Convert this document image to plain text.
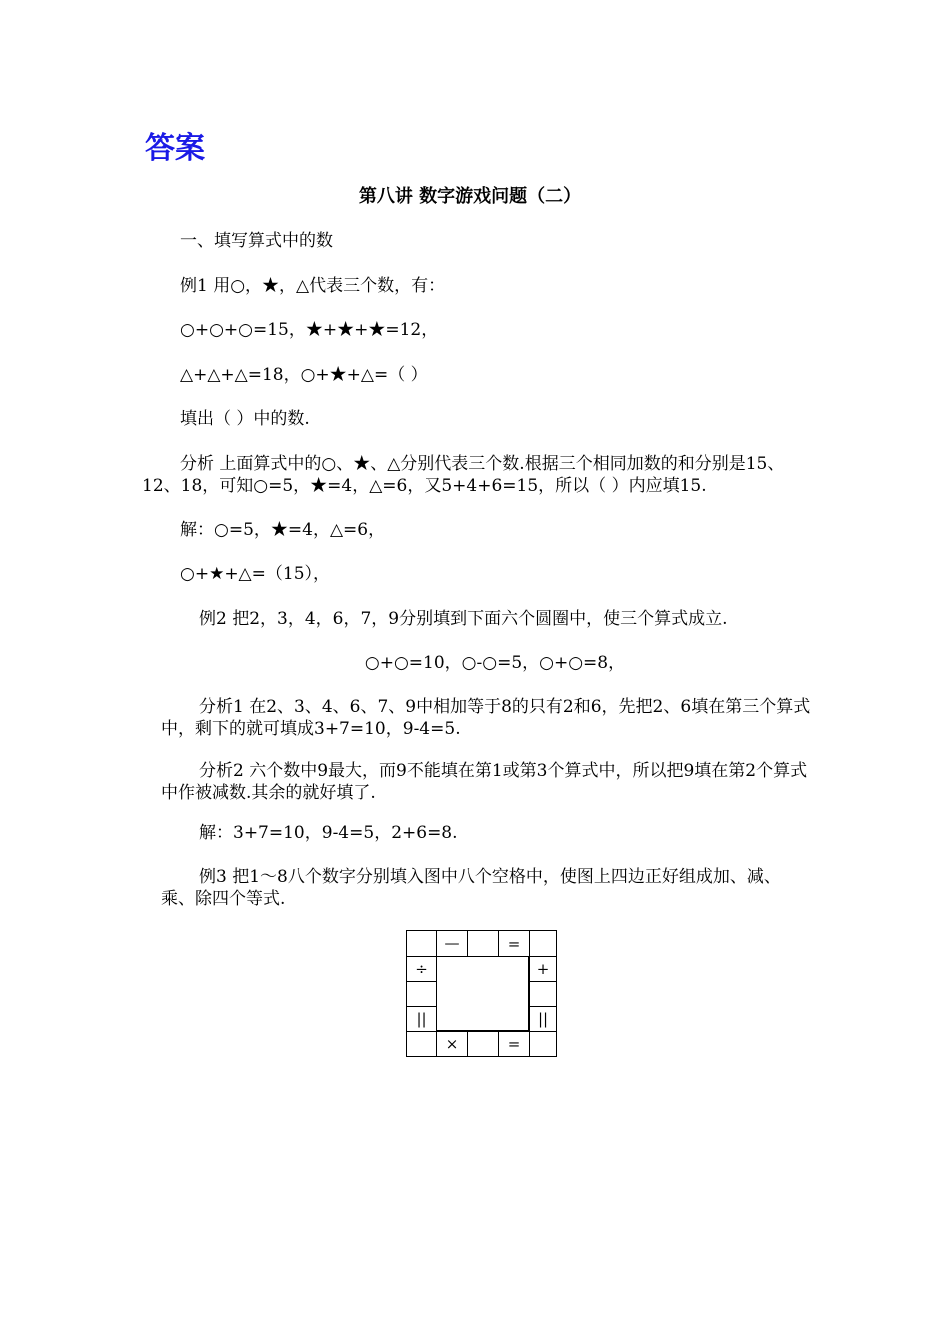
答案
第八讲 数字游戏问题（二）
一、填写算式中的数
例1 用○，★，△代表三个数，有：
○+○+○=15，★+★+★=12，
△+△+△=18，○+★+△=（ ）
填出（ ）中的数.
分析 上面算式中的○、★、△分别代表三个数.根据三个相同加数的和分别是15、12、18，可知○=5，★=4，△=6，又5+4+6=15，所以（ ）内应填15.
解：○=5，★=4，△=6，
○+★+△=（15），
例2 把2，3，4，6，7，9分别填到下面六个圆圈中，使三个算式成立.
○+○=10，○-○=5，○+○=8，
分析1 在2、3、4、6、7、9中相加等于8的只有2和6，先把2、6填在第三个算式中，剩下的就可填成3+7=10，9-4=5.
分析2 六个数中9最大，而9不能填在第1或第3个算式中，所以把9填在第2个算式中作被减数.其余的就好填了.
解：3+7=10，9-4=5，2+6=8.
例3 把1～8八个数字分别填入图中八个空格中，使图上四边正好组成加、减、乘、除四个等式.
—	=
÷
||
+
||
×	=
